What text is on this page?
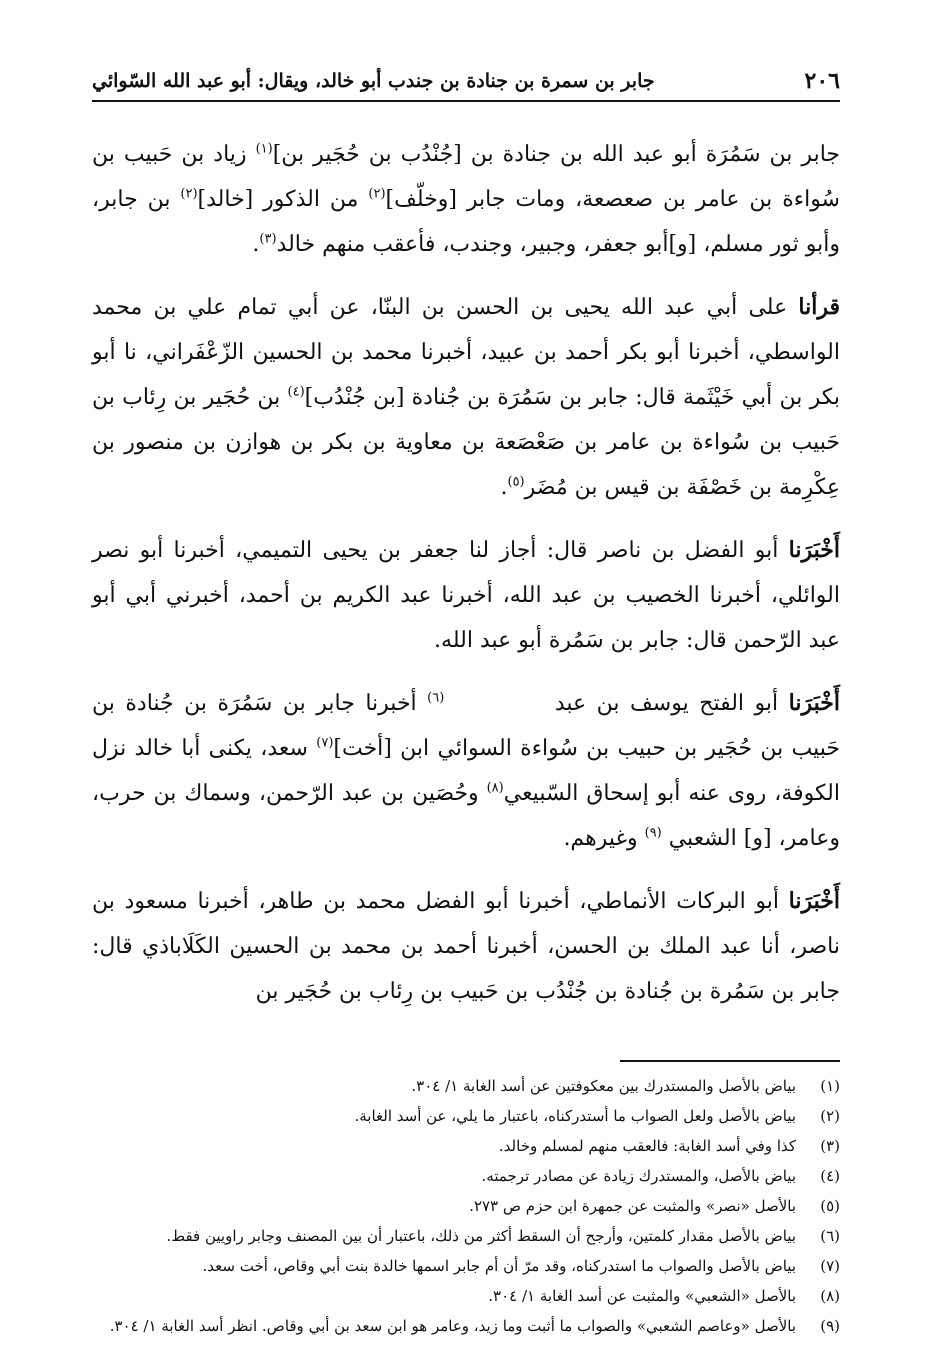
٢٠٦
جابر بن سمرة بن جنادة بن جندب أبو خالد، ويقال: أبو عبد الله السّوائي

جابر بن سَمُرَة أبو عبد الله بن جنادة بن [جُنْدُب بن حُجَير بن]$^{(١)}$ زياد بن حَبيب بن سُواءة بن عامر بن صعصعة، ومات جابر [وخلّف]$^{(٢)}$ من الذكور [خالد]$^{(٢)}$ بن جابر، وأبو ثور مسلم، [و]أبو جعفر، وجبير، وجندب، فأعقب منهم خالد$^{(٣)}$.

قرأنا على أبي عبد الله يحيى بن الحسن بن البنّا، عن أبي تمام علي بن محمد الواسطي، أخبرنا أبو بكر أحمد بن عبيد، أخبرنا محمد بن الحسين الزّعْفَراني، نا أبو بكر بن أبي خَيْثَمة قال: جابر بن سَمُرَة بن جُنادة [بن جُنْدُب]$^{(٤)}$ بن حُجَير بن رِئاب بن حَبيب بن سُواءة بن عامر بن صَعْصَعة بن معاوية بن بكر بن هوازن بن منصور بن عِكْرِمة بن خَصْفَة بن قيس بن مُضَر$^{(٥)}$.

أَخْبَرَنا أبو الفضل بن ناصر قال: أجاز لنا جعفر بن يحيى التميمي، أخبرنا أبو نصر الوائلي، أخبرنا الخصيب بن عبد الله، أخبرنا عبد الكريم بن أحمد، أخبرني أبي أبو عبد الرّحمن قال: جابر بن سَمُرة أبو عبد الله.

أَخْبَرَنا أبو الفتح يوسف بن عبد $^{(٦)}$ أخبرنا جابر بن سَمُرَة بن جُنادة بن حَبيب بن حُجَير بن حبيب بن سُواءة السوائي ابن [أخت]$^{(٧)}$ سعد، يكنى أبا خالد نزل الكوفة، روى عنه أبو إسحاق السّبيعي$^{(٨)}$ وحُصَين بن عبد الرّحمن، وسماك بن حرب، وعامر، [و] الشعبي $^{(٩)}$ وغيرهم.

أَخْبَرَنا أبو البركات الأنماطي، أخبرنا أبو الفضل محمد بن طاهر، أخبرنا مسعود بن ناصر، أنا عبد الملك بن الحسن، أخبرنا أحمد بن محمد بن الحسين الكَلَاباذي قال: جابر بن سَمُرة بن جُنادة بن جُنْدُب بن حَبيب بن رِئاب بن حُجَير بن

(١)
بياض بالأصل والمستدرك بين معكوفتين عن أسد الغابة ١/ ٣٠٤.
(٢)
بياض بالأصل ولعل الصواب ما أستدركناه، باعتبار ما يلي، عن أسد الغابة.
(٣)
كذا وفي أسد الغابة: فالعقب منهم لمسلم وخالد.
(٤)
بياض بالأصل، والمستدرك زيادة عن مصادر ترجمته.
(٥)
بالأصل «نصر» والمثبت عن جمهرة ابن حزم ص ٢٧٣.
(٦)
بياض بالأصل مقدار كلمتين، وأرجح أن السقط أكثر من ذلك، باعتبار أن بين المصنف وجابر راويين فقط.
(٧)
بياض بالأصل والصواب ما استدركناه، وقد مرّ أن أم جابر اسمها خالدة بنت أبي وقاص، أخت سعد.
(٨)
بالأصل «الشعبي» والمثبت عن أسد الغابة ١/ ٣٠٤.
(٩)
بالأصل «وعاصم الشعبي» والصواب ما أثبت وما زيد، وعامر هو ابن سعد بن أبي وقاص. انظر أسد الغابة ١/ ٣٠٤.
